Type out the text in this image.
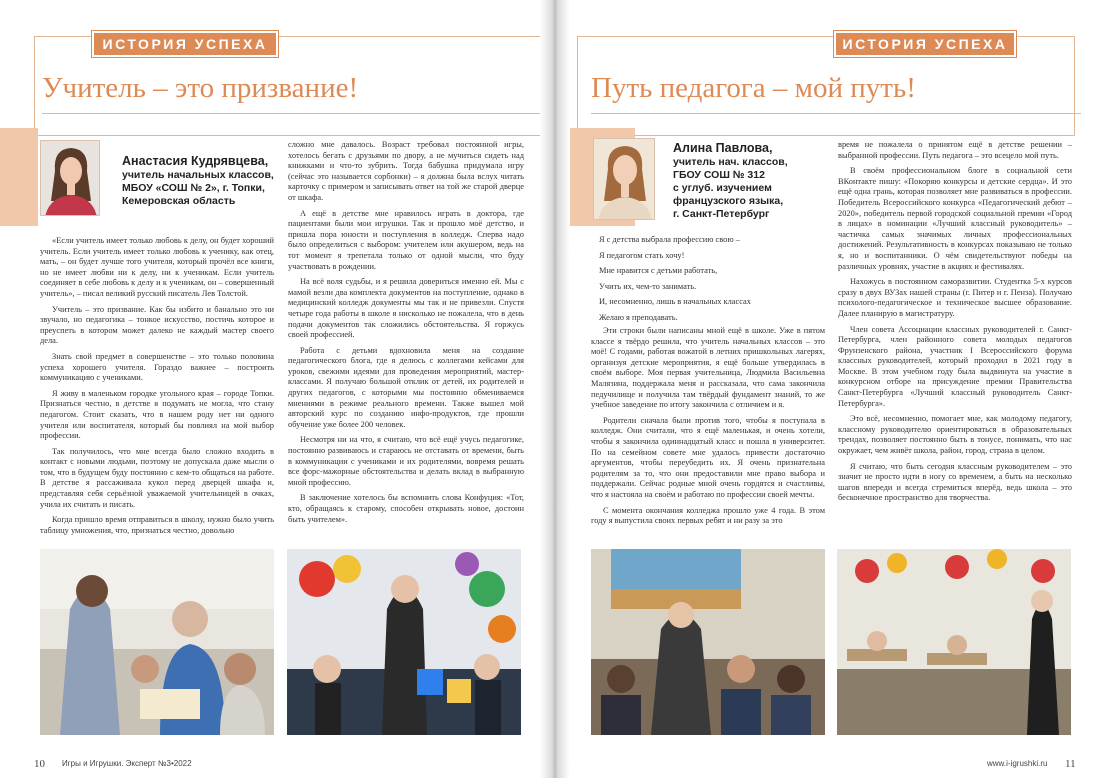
ИСТОРИЯ УСПЕХА
Учитель – это призвание!
Анастасия Кудрявцева,
учитель начальных классов,
МБОУ «СОШ № 2», г. Топки,
Кемеровская область

«Если учитель имеет только любовь к делу, он будет хороший учитель. Если учитель имеет только любовь к ученику, как отец, мать, – он будет лучше того учителя, который прочёл все книги, но не имеет любви ни к делу, ни к ученикам. Если учитель соединяет в себе любовь к делу и к ученикам, он – совершенный учитель», – писал великий русский писатель Лев Толстой.

Учитель – это призвание. Как бы избито и банально это ни звучало, но педагогика – тонкое искусство, постичь которое и преуспеть в котором может далеко не каждый мастер своего дела.

Знать свой предмет в совершенстве – это только половина успеха хорошего учителя. Гораздо важнее – построить коммуникацию с учениками.

Я живу в маленьком городке угольного края – городе Топки. Признаться честно, в детстве я подумать не могла, что стану педагогом. Стоит сказать, что в нашем роду нет ни одного учителя или воспитателя, который бы повлиял на мой выбор профессии.

Так получилось, что мне всегда было сложно входить в контакт с новыми людьми, поэтому не допускала даже мысли о том, что в будущем буду постоянно с кем-то общаться на работе. В детстве я рассаживала кукол перед дверцей шкафа и, представляя себя серьёзной уважаемой учительницей в очках, учила их считать и писать.

Когда пришло время отправиться в школу, нужно было учить таблицу умножения, что, признаться честно, довольно

сложно мне давалось. Возраст требовал постоянной игры, хотелось бегать с друзьями по двору, а не мучиться сидеть над книжками и что-то зубрить. Тогда бабушка придумала игру (сейчас это называется сорбонки) – я должна была вслух читать карточку с примером и записывать ответ на той же старой дверце от шкафа.

А ещё в детстве мне нравилось играть в доктора, где пациентами были мои игрушки. Так и прошло моё детство, и пришла пора юности и поступления в колледж. Сперва надо было определиться с выбором: учителем или акушером, ведь на тот момент я трепетала только от одной мысли, что буду участвовать в рождении.

На всё воля судьбы, и я решила довериться именно ей. Мы с мамой везли два комплекта документов на поступление, однако в медицинский колледж документы мы так и не привезли. Спустя четыре года работы в школе я нисколько не пожалела, что в день подачи документов так сложились обстоятельства. Я горжусь своей профессией.

Работа с детьми вдохновила меня на создание педагогического блога, где я делюсь с коллегами кейсами для уроков, свежими идеями для проведения мероприятий, мастер-классами. Я получаю большой отклик от детей, их родителей и других педагогов, с которыми мы постоянно обмениваемся мнениями в режиме реального времени. Также вышел мой авторский курс по созданию инфо-продуктов, где прошли обучение уже более 200 человек.

Несмотря ни на что, я считаю, что всё ещё учусь педагогике, постоянно развиваюсь и стараюсь не отставать от времени, быть в коммуникации с учениками и их родителями, вовремя решать все форс-мажорные обстоятельства и делать вклад в выбранную мной профессию.

В заключение хотелось бы вспомнить слова Конфуция: «Тот, кто, обращаясь к старому, способен открывать новое, достоин быть учителем».

10 Игры и Игрушки. Эксперт №3•2022
ИСТОРИЯ УСПЕХА
Путь педагога – мой путь!
Алина Павлова,
учитель нач. классов,
ГБОУ СОШ № 312
с углуб. изучением
французского языка,
г. Санкт-Петербург
Я с детства выбрала профессию свою –
Я педагогом стать хочу!
Мне нравится с детьми работать,
Учить их, чем-то занимать.
И, несомненно, лишь в начальных классах
Желаю я преподавать.

Эти строки были написаны мной ещё в школе. Уже в пятом классе я твёрдо решила, что учитель начальных классов – это моё! С годами, работая вожатой в летних пришкольных лагерях, организуя детские мероприятия, я ещё больше утвердилась в своём выборе. Моя первая учительница, Людмила Васильевна Малязина, поддержала меня и рассказала, что сама закончила педучилище и получила там твёрдый фундамент знаний, то же учебное заведение по итогу закончила с отличием и я.

Родители сначала были против того, чтобы я поступала в колледж. Они считали, что я ещё маленькая, и очень хотели, чтобы я закончила одиннадцатый класс и пошла в университет. По на семейном совете мне удалось привести достаточно аргументов, чтобы переубедить их. Я очень признательна родителям за то, что они предоставили мне право выбора и поддержали. Сейчас родные мной очень гордятся и счастливы, что я настояла на своём и работаю по профессии своей мечты.

С момента окончания колледжа прошло уже 4 года. В этом году я выпустила своих первых ребят и ни разу за это

время не пожалела о принятом ещё в детстве решении – выбранной профессии. Путь педагога – это всецело мой путь.

В своём профессиональном блоге в социальной сети ВКонтакте пишу: «Покоряю конкурсы и детские сердца». И это ещё одна грань, которая позволяет мне развиваться в профессии. Победитель Всероссийского конкурса «Педагогический дебют – 2020», победитель первой городской социальной премии «Город в лицах» в номинации «Лучший классный руководитель» – частичка самых значимых личных профессиональных достижений. Результативность в конкурсах показываю не только я, но и воспитанники. О чём свидетельствуют победы на различных уровнях, участие в акциях и фестивалях.

Нахожусь в постоянном саморазвитии. Студентка 5-х курсов сразу в двух ВУЗах нашей страны (г. Питер и г. Пенза). Получаю психолого-педагогическое и техническое высшее образование. Далее планирую в магистратуру.

Член совета Ассоциации классных руководителей г. Санкт-Петербурга, член районного совета молодых педагогов Фрунзенского района, участник I Всероссийского форума классных руководителей, который проходил в 2021 году в Москве. В этом учебном году была выдвинута на участие в конкурсном отборе на присуждение премии Правительства Санкт-Петербурга «Лучший классный руководитель Санкт-Петербурга».

Это всё, несомненно, помогает мне, как молодому педагогу, классному руководителю ориентироваться в образовательных трендах, позволяет постоянно быть в тонусе, понимать, что нас окружает, чем живёт школа, район, город, страна в целом.

Я считаю, что быть сегодня классным руководителем – это значит не просто идти в ногу со временем, а быть на несколько шагов впереди и всегда стремиться вперёд, ведь школа – это бесконечное пространство для творчества.

www.i-igrushki.ru 11
